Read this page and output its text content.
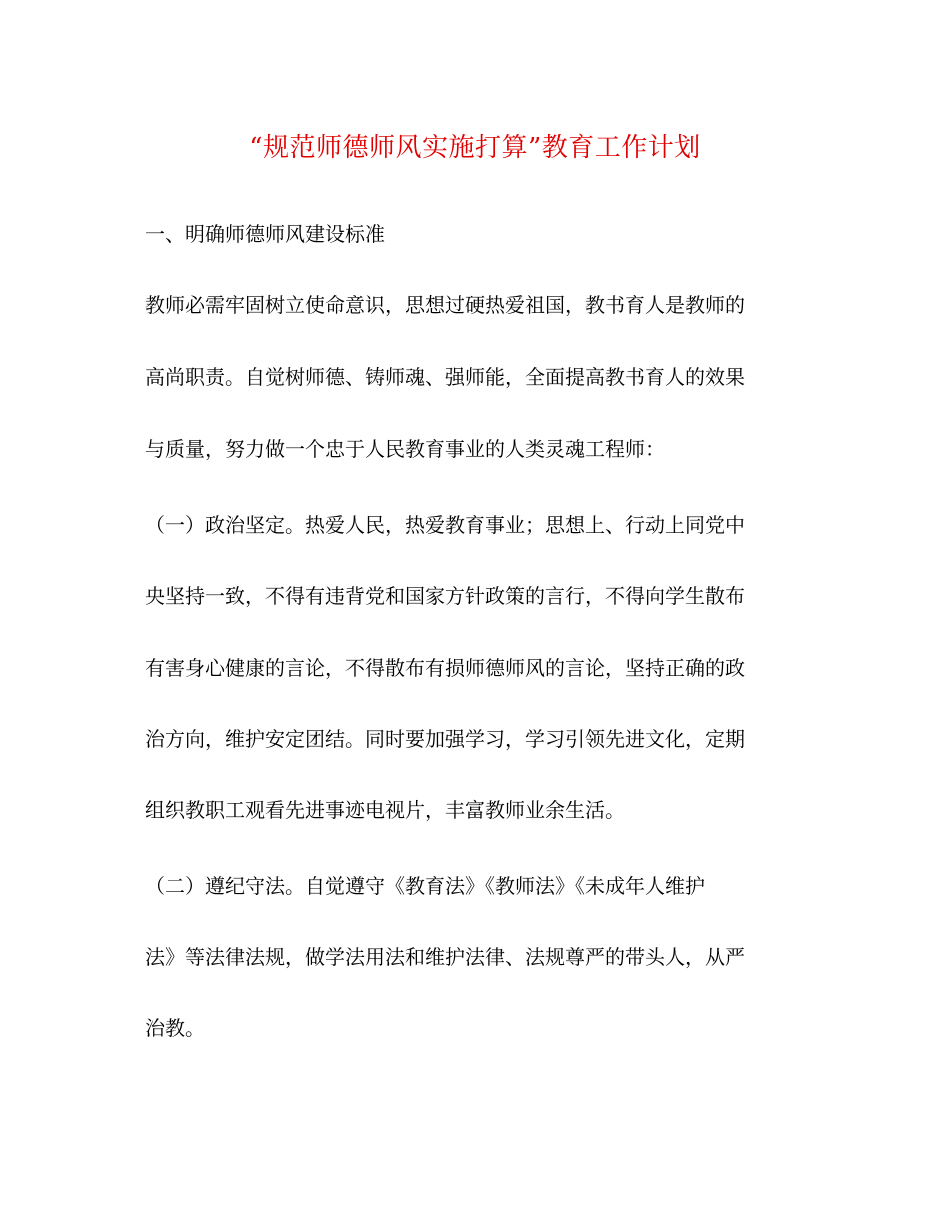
“规范师德师风实施打算”教育工作计划
一、明确师德师风建设标准
教师必需牢固树立使命意识，思想过硬热爱祖国，教书育人是教师的
高尚职责。自觉树师德、铸师魂、强师能，全面提高教书育人的效果
与质量，努力做一个忠于人民教育事业的人类灵魂工程师：
（一）政治坚定。热爱人民，热爱教育事业；思想上、行动上同党中
央坚持一致，不得有违背党和国家方针政策的言行，不得向学生散布
有害身心健康的言论，不得散布有损师德师风的言论，坚持正确的政
治方向，维护安定团结。同时要加强学习，学习引领先进文化，定期
组织教职工观看先进事迹电视片，丰富教师业余生活。
（二）遵纪守法。自觉遵守《教育法》《教师法》《未成年人维护
法》等法律法规，做学法用法和维护法律、法规尊严的带头人，从严
治教。
